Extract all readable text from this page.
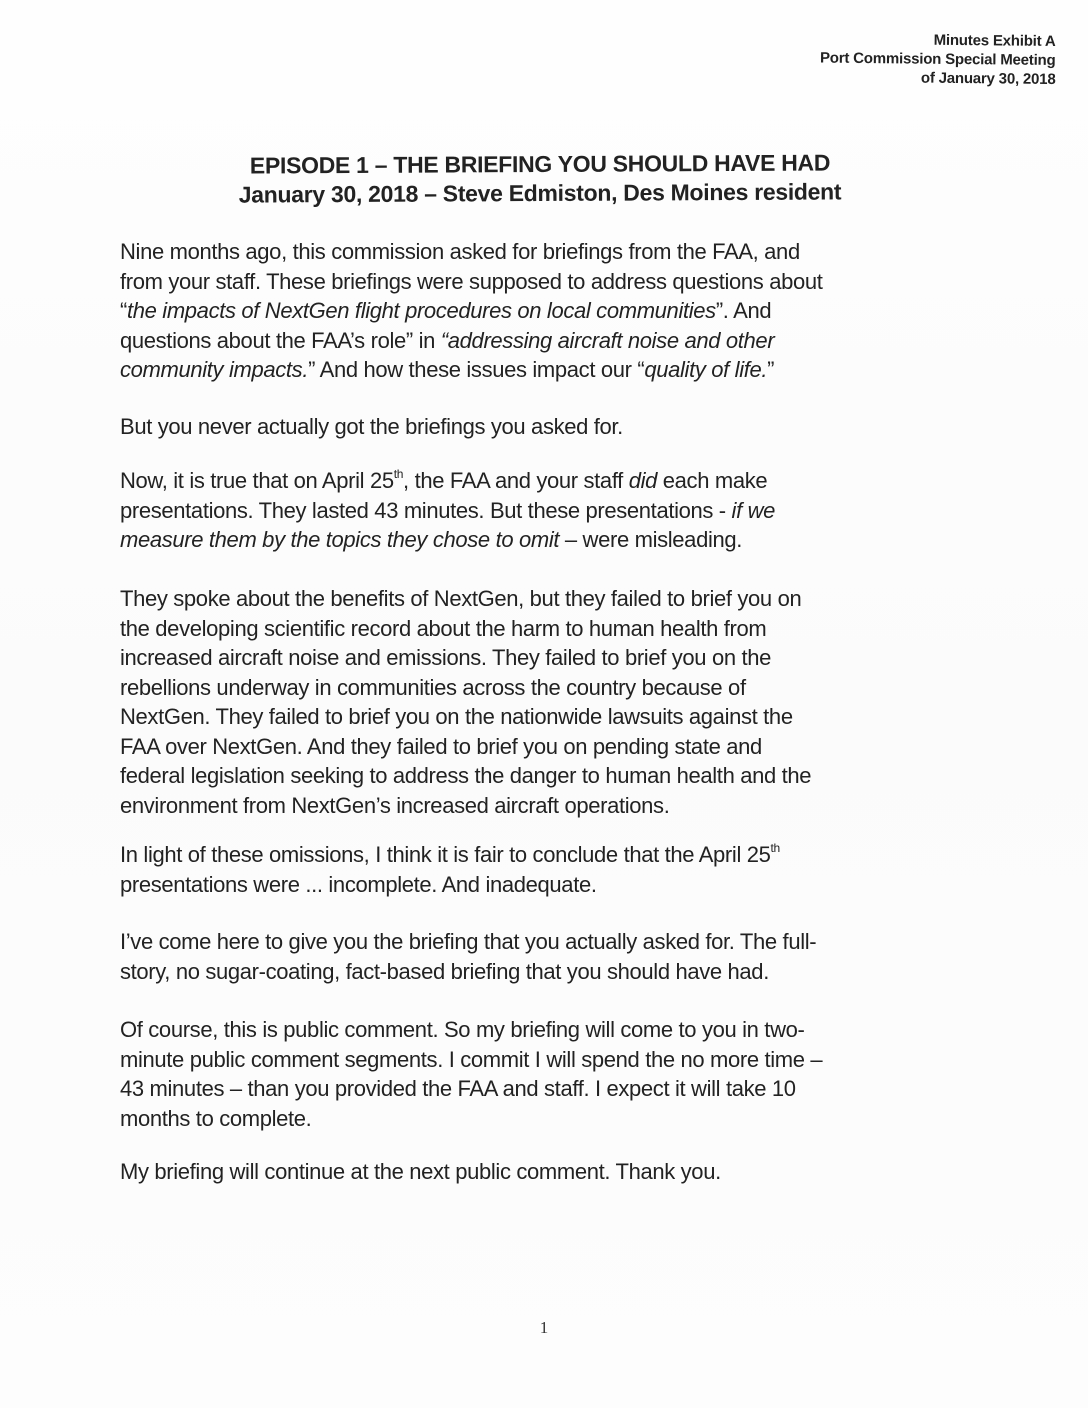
Minutes Exhibit A
Port Commission Special Meeting
of January 30, 2018
EPISODE 1 – THE BRIEFING YOU SHOULD HAVE HAD
January 30, 2018 – Steve Edmiston, Des Moines resident
Nine months ago, this commission asked for briefings from the FAA, and
from your staff. These briefings were supposed to address questions about
“the impacts of NextGen flight procedures on local communities”. And
questions about the FAA’s role” in “addressing aircraft noise and other
community impacts.” And how these issues impact our “quality of life.”
But you never actually got the briefings you asked for.
Now, it is true that on April 25th, the FAA and your staff did each make
presentations. They lasted 43 minutes. But these presentations - if we
measure them by the topics they chose to omit – were misleading.
They spoke about the benefits of NextGen, but they failed to brief you on
the developing scientific record about the harm to human health from
increased aircraft noise and emissions. They failed to brief you on the
rebellions underway in communities across the country because of
NextGen. They failed to brief you on the nationwide lawsuits against the
FAA over NextGen. And they failed to brief you on pending state and
federal legislation seeking to address the danger to human health and the
environment from NextGen’s increased aircraft operations.
In light of these omissions, I think it is fair to conclude that the April 25th
presentations were ... incomplete. And inadequate.
I’ve come here to give you the briefing that you actually asked for. The full-
story, no sugar-coating, fact-based briefing that you should have had.
Of course, this is public comment. So my briefing will come to you in two-
minute public comment segments. I commit I will spend the no more time –
43 minutes – than you provided the FAA and staff. I expect it will take 10
months to complete.
My briefing will continue at the next public comment. Thank you.
1
